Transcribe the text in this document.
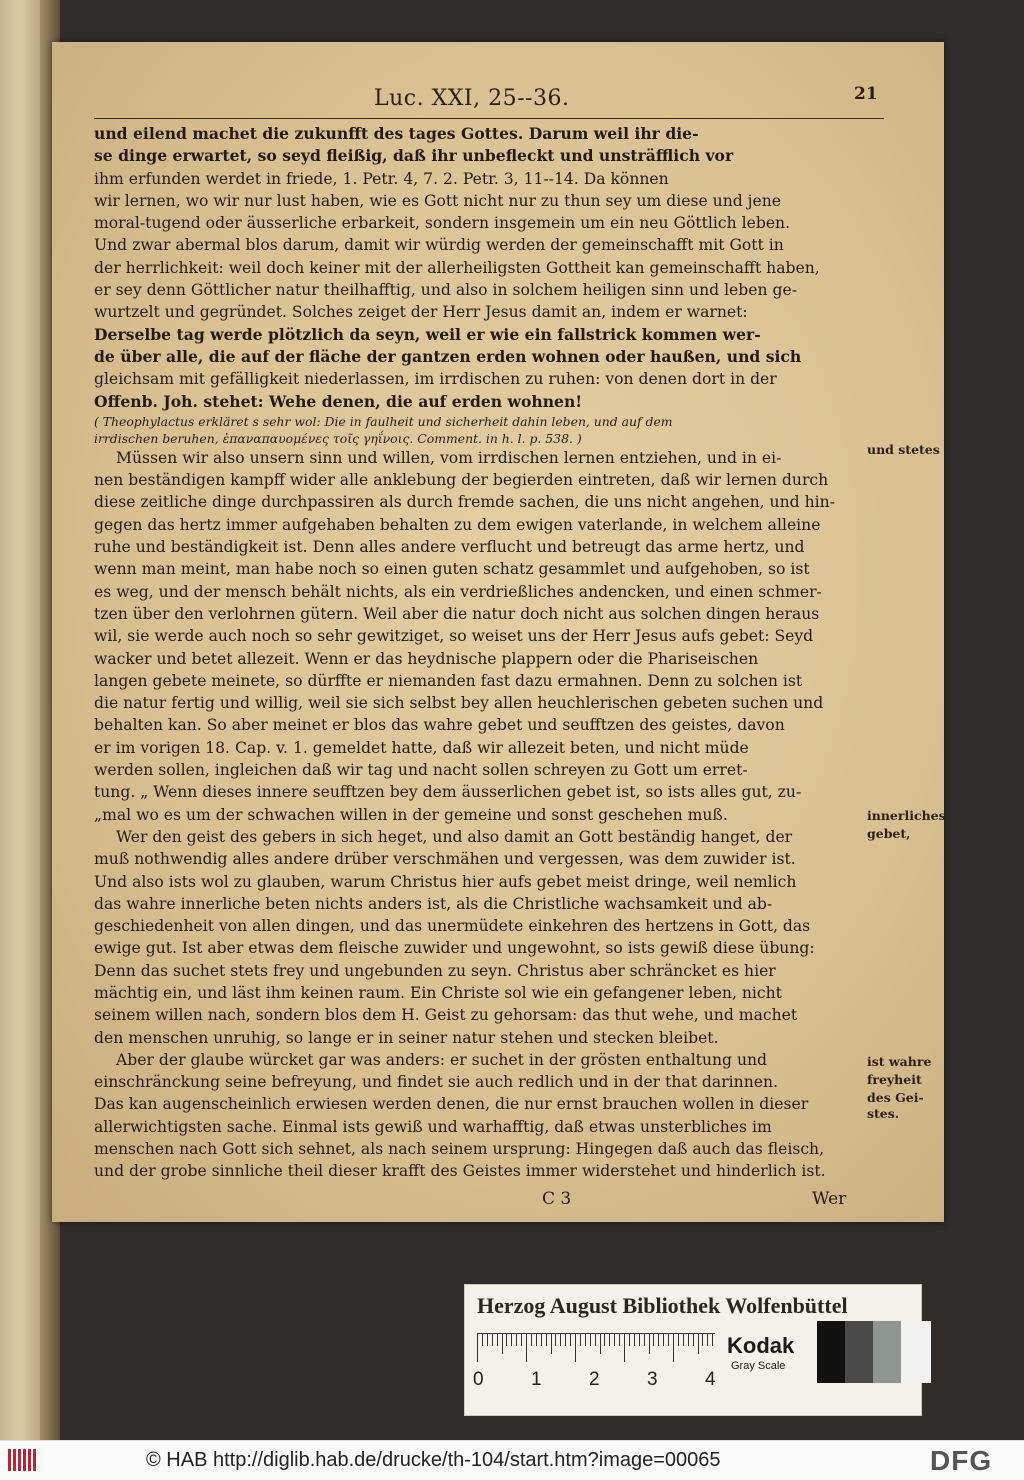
Luc. XXI, 25--36.	21
und eilend machet die zukunfft des tages Gottes. Darum weil ihr die-
se dinge erwartet, so seyd fleißig, daß ihr unbefleckt und unsträfflich vor
ihm erfunden werdet in friede, 1. Petr. 4, 7. 2. Petr. 3, 11--14. Da können
wir lernen, wo wir nur lust haben, wie es Gott nicht nur zu thun sey um diese und jene
moral-tugend oder äusserliche erbarkeit, sondern insgemein um ein neu Göttlich leben.
Und zwar abermal blos darum, damit wir würdig werden der gemeinschafft mit Gott in
der herrlichkeit: weil doch keiner mit der allerheiligsten Gottheit kan gemeinschafft haben,
er sey denn Göttlicher natur theilhafftig, und also in solchem heiligen sinn und leben ge-
wurtzelt und gegründet. Solches zeiget der Herr Jesus damit an, indem er warnet:
Derselbe tag werde plötzlich da seyn, weil er wie ein fallstrick kommen wer-
de über alle, die auf der fläche der gantzen erden wohnen oder haußen, und sich
gleichsam mit gefälligkeit niederlassen, im irrdischen zu ruhen: von denen dort in der
Offenb. Joh. stehet: Wehe denen, die auf erden wohnen!
( Theophylactus erkläret s sehr wol: Die in faulheit und sicherheit dahin leben, und auf dem
irrdischen beruhen, ἐπαναπαυομένες τοῖς γηΐνοις. Comment. in h. l. p. 538. )
Müssen wir also unsern sinn und willen, vom irrdischen lernen entziehen, und in ei-
nen beständigen kampff wider alle anklebung der begierden eintreten, daß wir lernen durch
diese zeitliche dinge durchpassiren als durch fremde sachen, die uns nicht angehen, und hin-
gegen das hertz immer aufgehaben behalten zu dem ewigen vaterlande, in welchem alleine
ruhe und beständigkeit ist. Denn alles andere verflucht und betreugt das arme hertz, und
wenn man meint, man habe noch so einen guten schatz gesammlet und aufgehoben, so ist
es weg, und der mensch behält nichts, als ein verdrießliches andencken, und einen schmer-
tzen über den verlohrnen gütern. Weil aber die natur doch nicht aus solchen dingen heraus
wil, sie werde auch noch so sehr gewitziget, so weiset uns der Herr Jesus aufs gebet: Seyd
wacker und betet allezeit. Wenn er das heydnische plappern oder die Phariseischen
langen gebete meinete, so dürffte er niemanden fast dazu ermahnen. Denn zu solchen ist
die natur fertig und willig, weil sie sich selbst bey allen heuchlerischen gebeten suchen und
behalten kan. So aber meinet er blos das wahre gebet und seufftzen des geistes, davon
er im vorigen 18. Cap. v. 1. gemeldet hatte, daß wir allezeit beten, und nicht müde
werden sollen, ingleichen daß wir tag und nacht sollen schreyen zu Gott um erret-
tung. „ Wenn dieses innere seufftzen bey dem äusserlichen gebet ist, so ists alles gut, zu-
„mal wo es um der schwachen willen in der gemeine und sonst geschehen muß.
Wer den geist des gebers in sich heget, und also damit an Gott beständig hanget, der
muß nothwendig alles andere drüber verschmähen und vergessen, was dem zuwider ist.
Und also ists wol zu glauben, warum Christus hier aufs gebet meist dringe, weil nemlich
das wahre innerliche beten nichts anders ist, als die Christliche wachsamkeit und ab-
geschiedenheit von allen dingen, und das unermüdete einkehren des hertzens in Gott, das
ewige gut. Ist aber etwas dem fleische zuwider und ungewohnt, so ists gewiß diese übung:
Denn das suchet stets frey und ungebunden zu seyn. Christus aber schräncket es hier
mächtig ein, und läst ihm keinen raum. Ein Christe sol wie ein gefangener leben, nicht
seinem willen nach, sondern blos dem H. Geist zu gehorsam: das thut wehe, und machet
den menschen unruhig, so lange er in seiner natur stehen und stecken bleibet.
Aber der glaube würcket gar was anders: er suchet in der grösten enthaltung und
einschränckung seine befreyung, und findet sie auch redlich und in der that darinnen.
Das kan augenscheinlich erwiesen werden denen, die nur ernst brauchen wollen in dieser
allerwichtigsten sache. Einmal ists gewiß und warhafftig, daß etwas unsterbliches im
menschen nach Gott sich sehnet, als nach seinem ursprung: Hingegen daß auch das fleisch,
und der grobe sinnliche theil dieser krafft des Geistes immer widerstehet und hinderlich ist.
C 3	Wer
und stetes
innerliches
gebet,
ist wahre
freyheit
des Gei-
stes.
Herzog August Bibliothek Wolfenbüttel
0 1 2 3 4
Kodak
Gray Scale
© HAB http://diglib.hab.de/drucke/th-104/start.htm?image=00065	DFG
